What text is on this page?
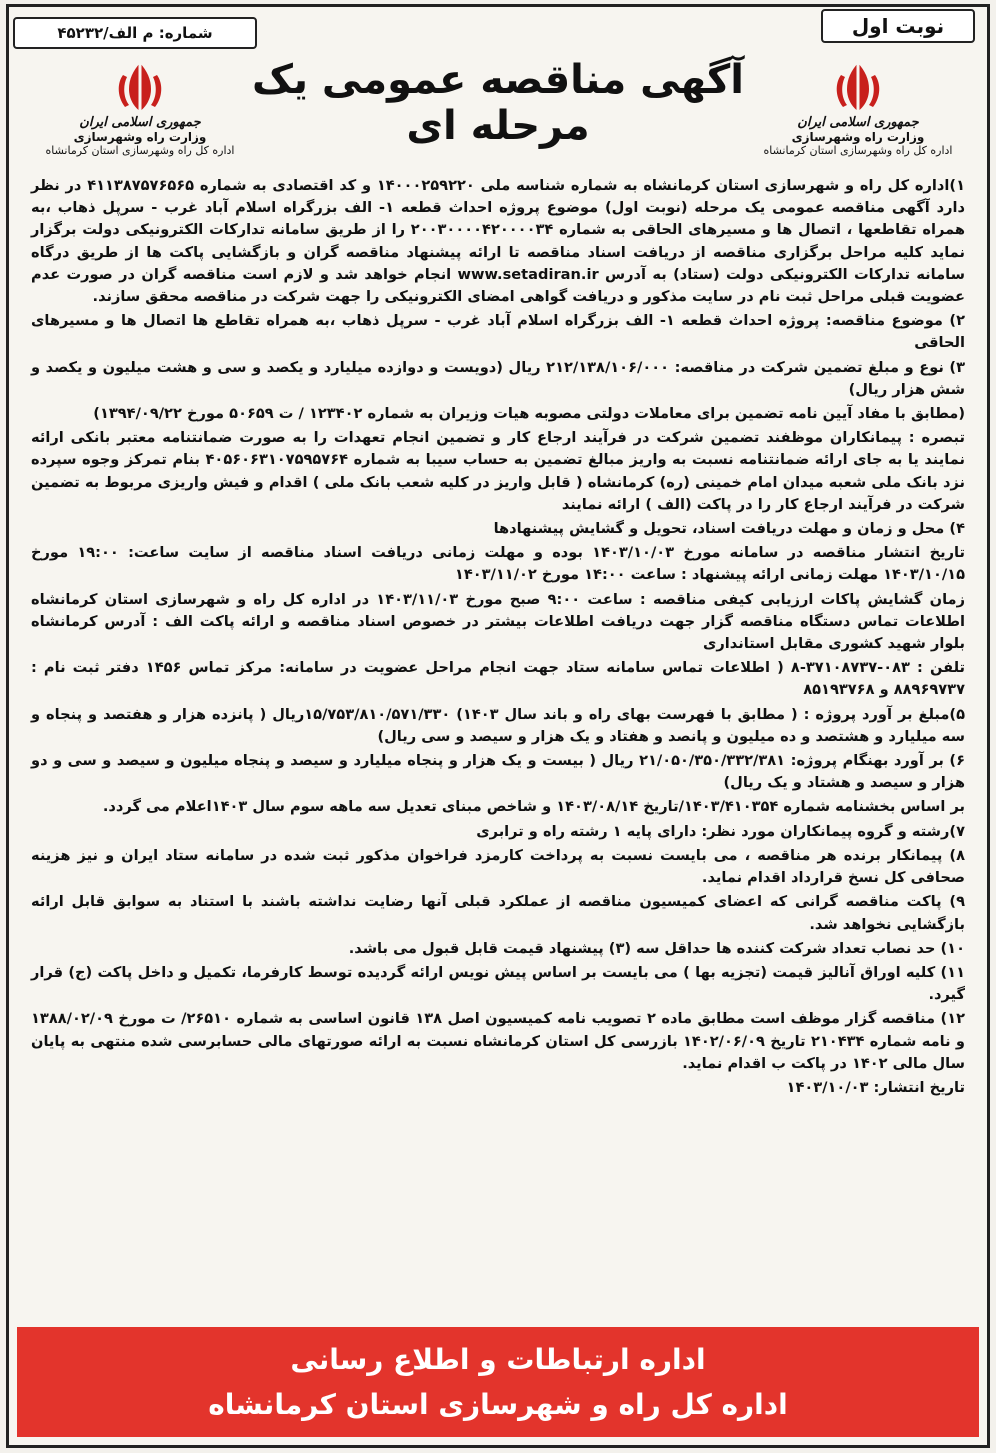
نوبت اول
شماره: م الف/۴۵۲۳۲
جمهوری اسلامی ایران
وزارت راه وشهرسازی
اداره کل راه وشهرسازی استان کرمانشاه
آگهی مناقصه عمومی یک مرحله ای
جمهوری اسلامی ایران
وزارت راه وشهرسازی
اداره کل راه وشهرسازی استان کرمانشاه

۱)اداره کل راه و شهرسازی استان کرمانشاه به شماره شناسه ملی ۱۴۰۰۰۲۵۹۲۲۰ و کد اقتصادی به شماره ۴۱۱۳۸۷۵۷۶۵۶۵ در نظر دارد آگهی مناقصه عمومی یک مرحله (نوبت اول) موضوع پروژه احداث قطعه ۱- الف بزرگراه اسلام آباد غرب - سرپل ذهاب ،به همراه تقاطعها ، اتصال ها و مسیرهای الحاقی به شماره ۲۰۰۳۰۰۰۰۴۲۰۰۰۰۳۴ را از طریق سامانه تدارکات الکترونیکی دولت برگزار نماید کلیه مراحل برگزاری مناقصه از دریافت اسناد مناقصه تا ارائه پیشنهاد مناقصه گران و بازگشایی پاکت ها از طریق درگاه سامانه تدارکات الکترونیکی دولت (ستاد) به آدرس www.setadiran.ir انجام خواهد شد و لازم است مناقصه گران در صورت عدم عضویت قبلی مراحل ثبت نام در سایت مذکور و دریافت گواهی امضای الکترونیکی را جهت شرکت در مناقصه محقق سازند.

۲) موضوع مناقصه: پروژه احداث قطعه ۱- الف بزرگراه اسلام آباد غرب - سرپل ذهاب ،به همراه تقاطع ها اتصال ها و مسیرهای الحاقی

۳) نوع و مبلغ تضمین شرکت در مناقصه: ۲۱۲/۱۳۸/۱۰۶/۰۰۰ ریال (دویست و دوازده میلیارد و یکصد و سی و هشت میلیون و یکصد و شش هزار ریال)

(مطابق با مفاد آیین نامه تضمین برای معاملات دولتی مصوبه هیات وزیران به شماره ۱۲۳۴۰۲ / ت ۵۰۶۵۹ مورخ ۱۳۹۴/۰۹/۲۲)

تبصره : پیمانکاران موظفند تضمین شرکت در فرآیند ارجاع کار و تضمین انجام تعهدات را به صورت ضمانتنامه معتبر بانکی ارائه نمایند یا به جای ارائه ضمانتنامه نسبت به واریز مبالغ تضمین به حساب سیبا به شماره ۴۰۵۶۰۶۳۱۰۷۵۹۵۷۶۴ بنام تمرکز وجوه سپرده نزد بانک ملی شعبه میدان امام خمینی (ره) کرمانشاه ( قابل واریز در کلیه شعب بانک ملی ) اقدام و فیش واریزی مربوط به تضمین شرکت در فرآیند ارجاع کار را در پاکت (الف ) ارائه نمایند

۴) محل و زمان و مهلت دریافت اسناد، تحویل و گشایش پیشنهادها

تاریخ انتشار مناقصه در سامانه مورخ ۱۴۰۳/۱۰/۰۳ بوده و مهلت زمانی دریافت اسناد مناقصه از سایت ساعت: ۱۹:۰۰ مورخ ۱۴۰۳/۱۰/۱۵ مهلت زمانی ارائه پیشنهاد : ساعت ۱۴:۰۰ مورخ ۱۴۰۳/۱۱/۰۲

زمان گشایش پاکات ارزیابی کیفی مناقصه : ساعت ۹:۰۰ صبح مورخ ۱۴۰۳/۱۱/۰۳ در اداره کل راه و شهرسازی استان کرمانشاه اطلاعات تماس دستگاه مناقصه گزار جهت دریافت اطلاعات بیشتر در خصوص اسناد مناقصه و ارائه پاکت الف : آدرس کرمانشاه بلوار شهید کشوری مقابل استانداری

تلفن : ۰۸۳-۳۷۱۰۸۷۳۷-۸ ( اطلاعات تماس سامانه ستاد جهت انجام مراحل عضویت در سامانه: مرکز تماس ۱۴۵۶ دفتر ثبت نام : ۸۸۹۶۹۷۳۷ و ۸۵۱۹۳۷۶۸

۵)مبلغ بر آورد پروژه : ( مطابق با فهرست بهای راه و باند سال ۱۴۰۳) ۱۵/۷۵۳/۸۱۰/۵۷۱/۳۳۰ریال ( پانزده هزار و هفتصد و پنجاه و سه میلیارد و هشتصد و ده میلیون و پانصد و هفتاد و یک هزار و سیصد و سی ریال)

۶) بر آورد بهنگام پروژه: ۲۱/۰۵۰/۳۵۰/۳۳۲/۳۸۱ ریال ( بیست و یک هزار و پنجاه میلیارد و سیصد و پنجاه میلیون و سیصد و سی و دو هزار و سیصد و هشتاد و یک ریال)

بر اساس بخشنامه شماره ۱۴۰۳/۴۱۰۳۵۴/تاریخ ۱۴۰۳/۰۸/۱۴ و شاخص مبنای تعدیل سه ماهه سوم سال ۱۴۰۳اعلام می گردد.

۷)رشته و گروه پیمانکاران مورد نظر: دارای پایه ۱ رشته راه و ترابری

۸) پیمانکار برنده هر مناقصه ، می بایست نسبت به پرداخت کارمزد فراخوان مذکور ثبت شده در سامانه ستاد ایران و نیز هزینه صحافی کل نسخ قرارداد اقدام نماید.

۹) پاکت مناقصه گرانی که اعضای کمیسیون مناقصه از عملکرد قبلی آنها رضایت نداشته باشند با استناد به سوابق قابل ارائه بازگشایی نخواهد شد.

۱۰) حد نصاب تعداد شرکت کننده ها حداقل سه (۳) پیشنهاد قیمت قابل قبول می باشد.

۱۱) کلیه اوراق آنالیز قیمت (تجزیه بها ) می بایست بر اساس پیش نویس ارائه گردیده توسط کارفرما، تکمیل و داخل پاکت (ج) قرار گیرد.

۱۲) مناقصه گزار موظف است مطابق ماده ۲ تصویب نامه کمیسیون اصل ۱۳۸ قانون اساسی به شماره ۲۶۵۱۰/ ت مورخ ۱۳۸۸/۰۲/۰۹ و نامه شماره ۲۱۰۴۳۴ تاریخ ۱۴۰۲/۰۶/۰۹ بازرسی کل استان کرمانشاه نسبت به ارائه صورتهای مالی حسابرسی شده منتهی به پایان سال مالی ۱۴۰۲ در پاکت ب اقدام نماید.

تاریخ انتشار: ۱۴۰۳/۱۰/۰۳

اداره ارتباطات و اطلاع رسانی
اداره کل راه و شهرسازی استان کرمانشاه
